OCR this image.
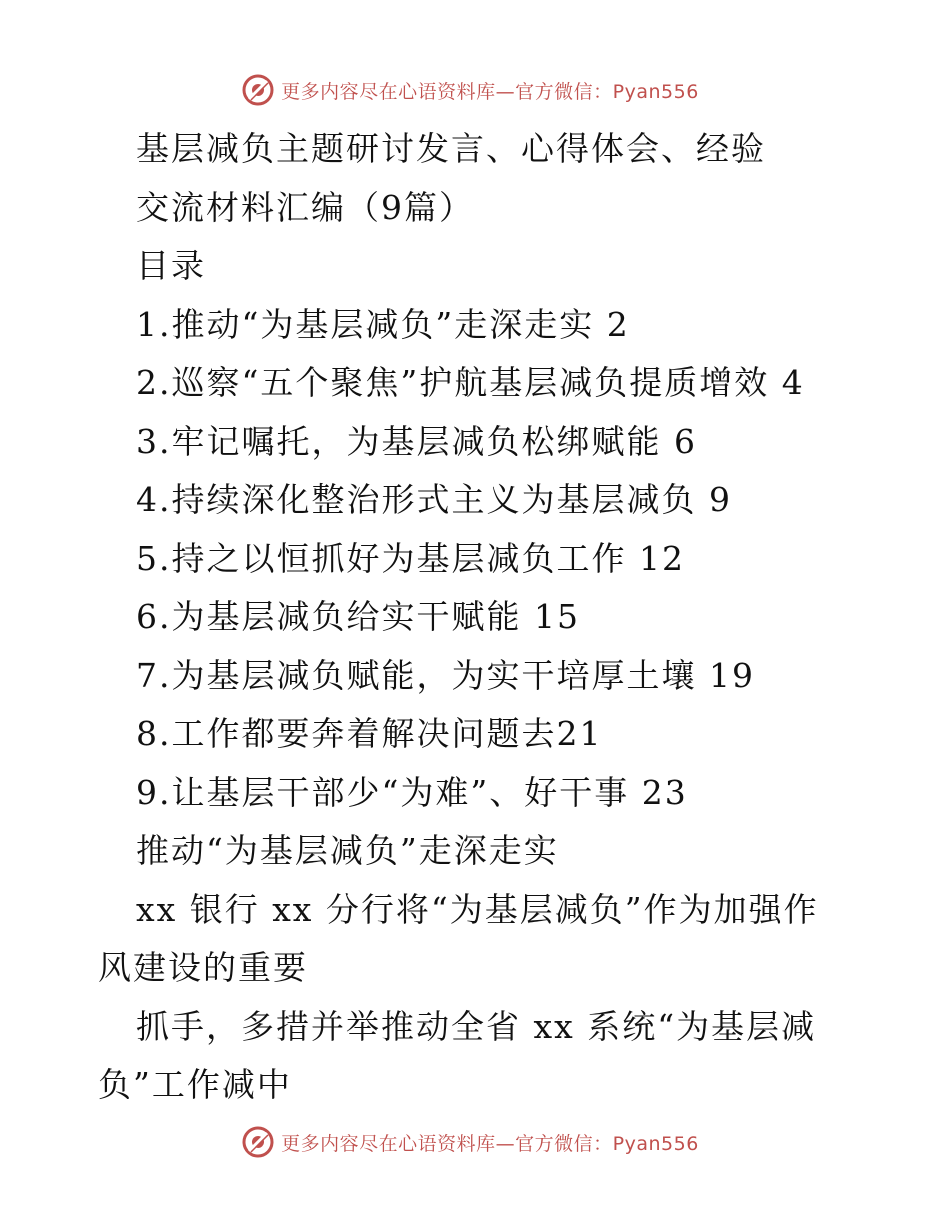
更多内容尽在心语资料库—官方微信：Pyan556
基层减负主题研讨发言、心得体会、经验
交流材料汇编（9篇）
目录
1.推动“为基层减负”走深走实 2
2.巡察“五个聚焦”护航基层减负提质增效 4
3.牢记嘱托，为基层减负松绑赋能 6
4.持续深化整治形式主义为基层减负 9
5.持之以恒抓好为基层减负工作 12
6.为基层减负给实干赋能 15
7.为基层减负赋能，为实干培厚土壤 19
8.工作都要奔着解决问题去21
9.让基层干部少“为难”、好干事 23
推动“为基层减负”走深走实
xx 银行 xx 分行将“为基层减负”作为加强作
风建设的重要
抓手，多措并举推动全省 xx 系统“为基层减
负”工作减中
更多内容尽在心语资料库—官方微信：Pyan556
